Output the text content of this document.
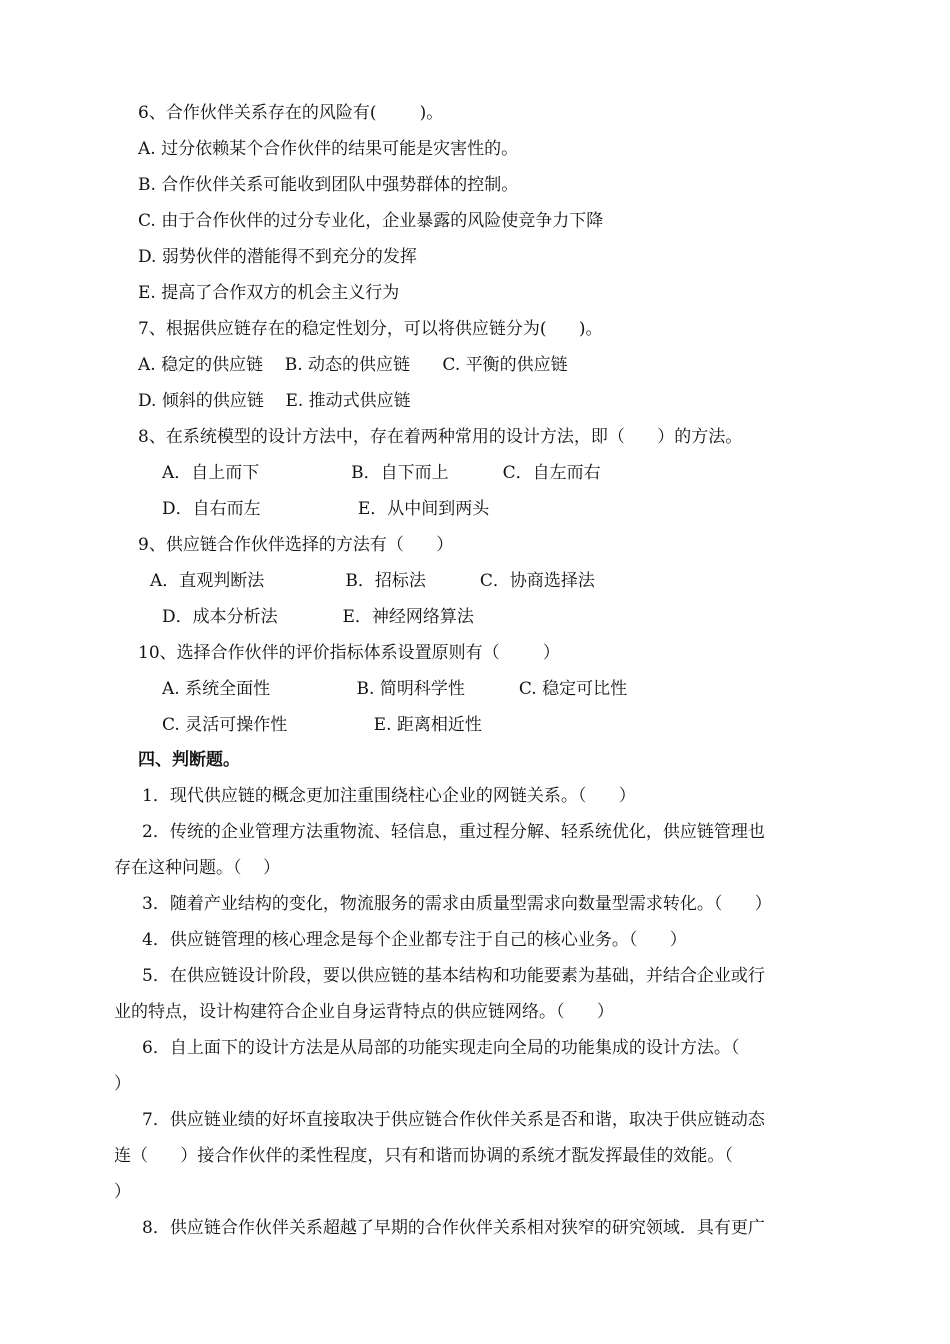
6、合作伙伴关系存在的风险有(        )。
A. 过分依赖某个合作伙伴的结果可能是灾害性的。
B. 合作伙伴关系可能收到团队中强势群体的控制。
C. 由于合作伙伴的过分专业化，企业暴露的风险使竞争力下降
D. 弱势伙伴的潜能得不到充分的发挥
E. 提高了合作双方的机会主义行为
7、根据供应链存在的稳定性划分，可以将供应链分为(      )。
A. 稳定的供应链    B. 动态的供应链      C. 平衡的供应链
D. 倾斜的供应链    E. 推动式供应链
8、在系统模型的设计方法中，存在着两种常用的设计方法，即（      ）的方法。
A．自上而下                 B．自下而上          C．自左而右
D．自右而左                  E．从中间到两头
9、供应链合作伙伴选择的方法有（      ）
A．直观判断法               B．招标法          C．协商选择法
D．成本分析法            E．神经网络算法
10、选择合作伙伴的评价指标体系设置原则有（        ）
A. 系统全面性                B. 简明科学性          C. 稳定可比性
C. 灵活可操作性                E. 距离相近性
四、判断题。
1．现代供应链的概念更加注重围绕柱心企业的网链关系。（      ）
2．传统的企业管理方法重物流、轻信息，重过程分解、轻系统优化，供应链管理也
存在这种问题。（    ）
3．随着产业结构的变化，物流服务的需求由质量型需求向数量型需求转化。（      ）
4．供应链管理的核心理念是每个企业都专注于自己的核心业务。（      ）
5．在供应链设计阶段，要以供应链的基本结构和功能要素为基础，并结合企业或行
业的特点，设计构建符合企业自身运背特点的供应链网络。（      ）
6．自上面下的设计方法是从局部的功能实现走向全局的功能集成的设计方法。（
）
7．供应链业绩的好坏直接取决于供应链合作伙伴关系是否和谐，取决于供应链动态
连（      ）接合作伙伴的柔性程度，只有和谐而协调的系统才翫发挥最佳的效能。（
）
8．供应链合作伙伴关系超越了早期的合作伙伴关系相对狭窄的研究领域．具有更广
